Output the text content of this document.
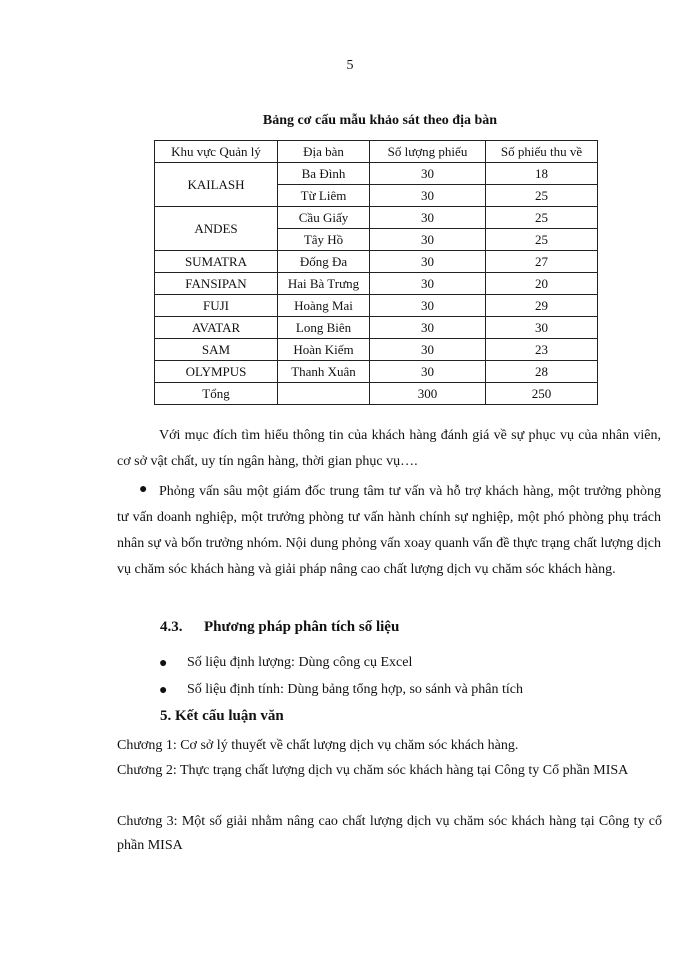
5
Bảng cơ cấu mẫu khảo sát theo địa bàn
Khu vực Quản lý	Địa bàn	Số lượng phiếu	Số phiếu thu về
KAILASH	Ba Đình	30	18
	Từ Liêm	30	25
ANDES	Cầu Giấy	30	25
	Tây Hồ	30	25
SUMATRA	Đống Đa	30	27
FANSIPAN	Hai Bà Trưng	30	20
FUJI	Hoàng Mai	30	29
AVATAR	Long Biên	30	30
SAM	Hoàn Kiếm	30	23
OLYMPUS	Thanh Xuân	30	28
Tổng		300	250
Với mục đích tìm hiểu thông tin của khách hàng đánh giá về sự phục vụ của nhân viên, cơ sở vật chất, uy tín ngân hàng, thời gian phục vụ….
● Phỏng vấn sâu một giám đốc trung tâm tư vấn và hỗ trợ khách hàng, một trưởng phòng tư vấn doanh nghiệp, một trưởng phòng tư vấn hành chính sự nghiệp, một phó phòng phụ trách nhân sự và bốn trưởng nhóm. Nội dung phỏng vấn xoay quanh vấn đề thực trạng chất lượng dịch vụ chăm sóc khách hàng và giải pháp nâng cao chất lượng dịch vụ chăm sóc khách hàng.
4.3. Phương pháp phân tích số liệu
● Số liệu định lượng: Dùng công cụ Excel
● Số liệu định tính: Dùng bảng tổng hợp, so sánh và phân tích
5. Kết cấu luận văn
Chương 1: Cơ sở lý thuyết về chất lượng dịch vụ chăm sóc khách hàng.
Chương 2: Thực trạng chất lượng dịch vụ chăm sóc khách hàng tại Công ty Cổ phần MISA
Chương 3: Một số giải nhằm nâng cao chất lượng dịch vụ chăm sóc khách hàng tại Công ty cổ phần MISA
